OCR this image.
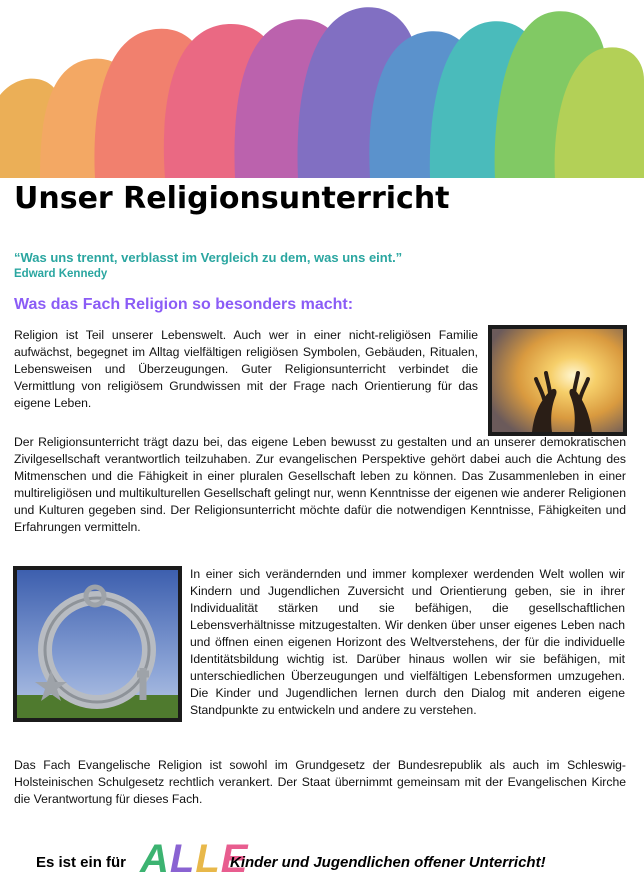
Unser Religionsunterricht
“Was uns trennt, verblasst im Vergleich zu dem, was uns eint.”
Edward Kennedy
Was das Fach Religion so besonders macht:

Religion ist Teil unserer Lebenswelt. Auch wer in einer nicht-religiösen Familie aufwächst, begegnet im Alltag vielfältigen religiösen Symbolen, Gebäuden, Ritualen, Lebensweisen und Überzeugungen. Guter Religionsunterricht verbindet die Vermittlung von religiösem Grundwissen mit der Frage nach Orientierung für das eigene Leben.

Der Religionsunterricht trägt dazu bei, das eigene Leben bewusst zu gestalten und an unserer demokratischen Zivilgesellschaft verantwortlich teilzuhaben. Zur evangelischen Perspektive gehört dabei auch die Achtung des Mitmenschen und die Fähigkeit in einer pluralen Gesellschaft leben zu können. Das Zusammenleben in einer multireligiösen und multikulturellen Gesellschaft gelingt nur, wenn Kenntnisse der eigenen wie anderer Religionen und Kulturen gegeben sind. Der Religionsunterricht möchte dafür die notwendigen Kenntnisse, Fähigkeiten und Erfahrungen vermitteln.

In einer sich verändernden und immer komplexer werdenden Welt wollen wir Kindern und Jugendlichen Zuversicht und Orientierung geben, sie in ihrer Individualität stärken und sie befähigen, die gesellschaftlichen Lebensverhältnisse mitzugestalten. Wir denken über unser eigenes Leben nach und öffnen einen eigenen Horizont des Weltverstehens, der für die individuelle Identitätsbildung wichtig ist. Darüber hinaus wollen wir sie befähigen, mit unterschiedlichen Überzeugungen und vielfältigen Lebensformen umzugehen. Die Kinder und Jugendlichen lernen durch den Dialog mit anderen eigene Standpunkte zu entwickeln und andere zu verstehen.

Das Fach Evangelische Religion ist sowohl im Grundgesetz der Bundesrepublik als auch im Schleswig-Holsteinischen Schulgesetz rechtlich verankert. Der Staat übernimmt gemeinsam mit der Evangelischen Kirche die Verantwortung für dieses Fach.

Es ist ein für ALLE
Kinder und Jugendlichen offener Unterricht!
